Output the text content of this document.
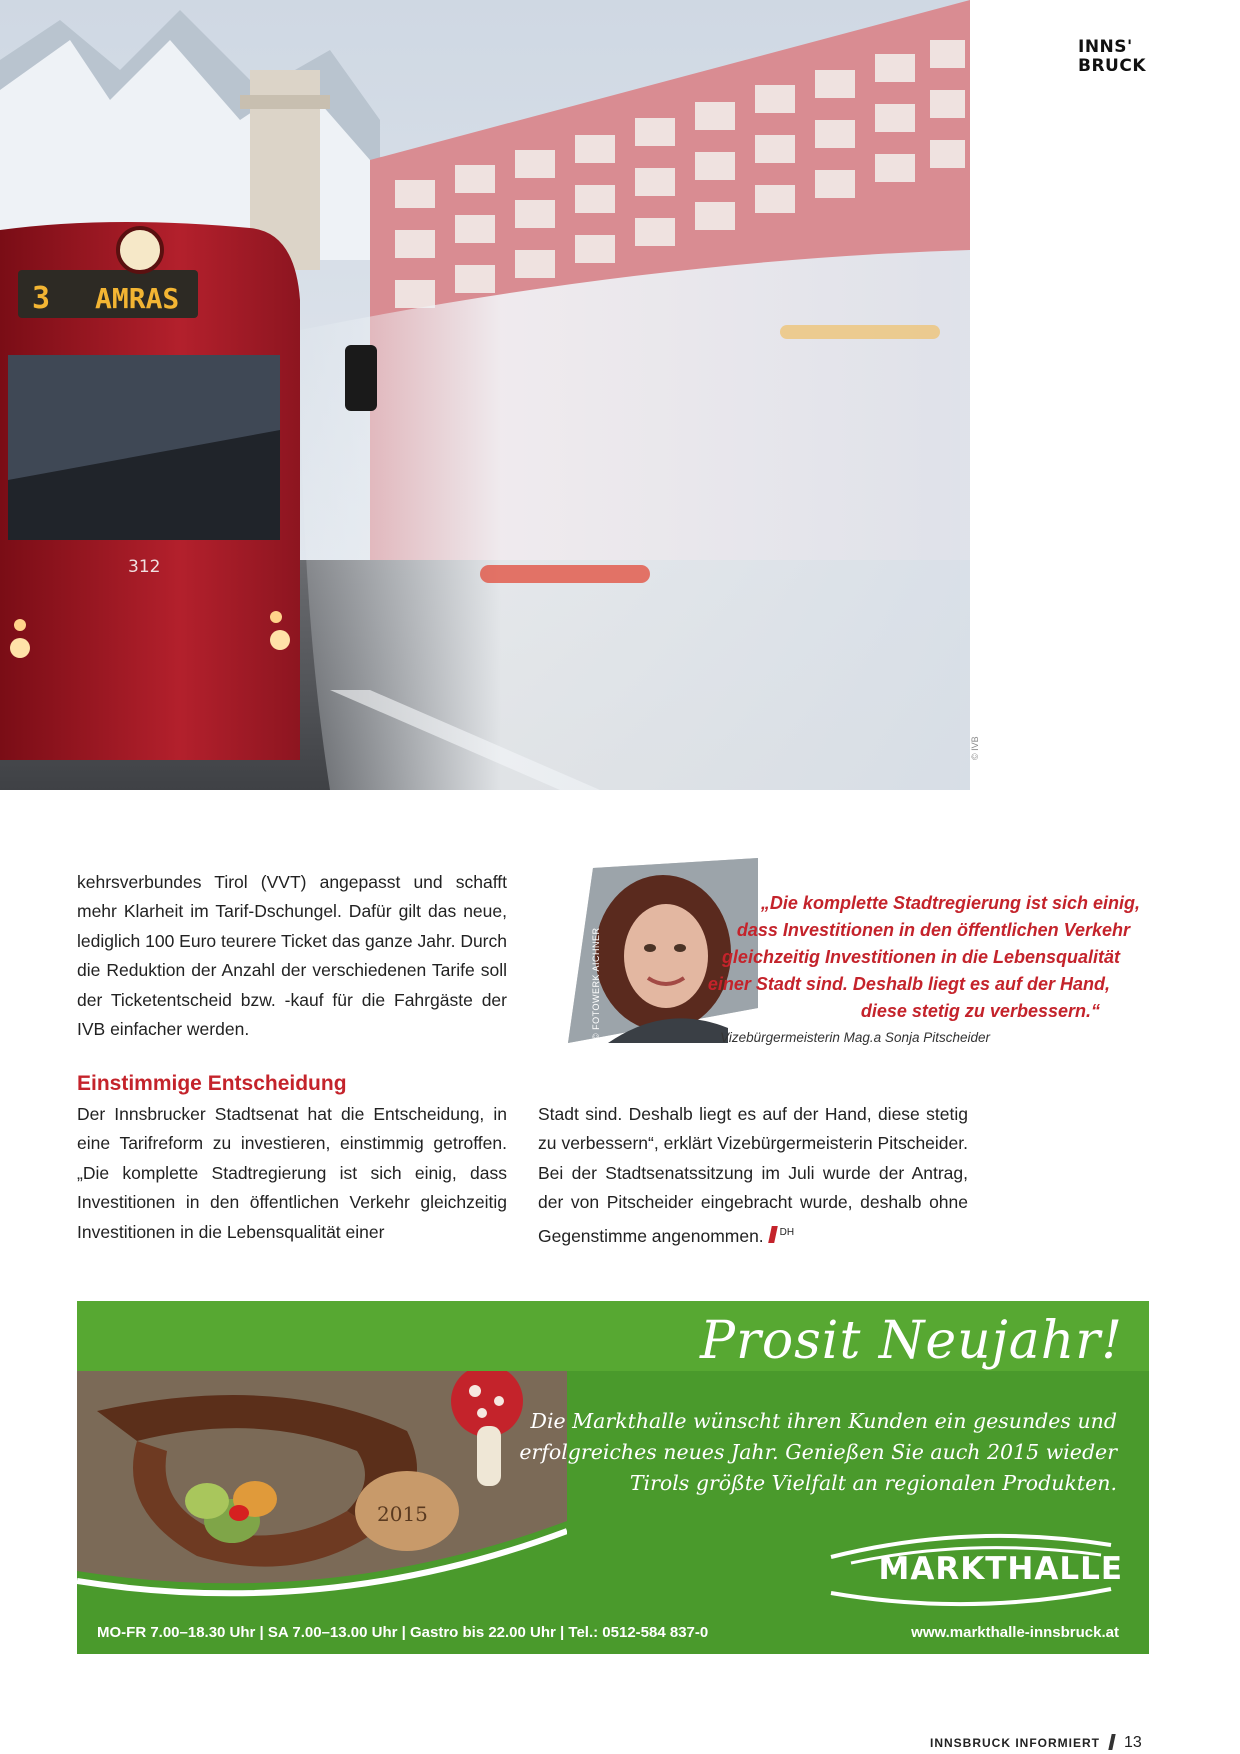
3 AMRAS
312
© IVB
INNS'
BRUCK

kehrsverbundes Tirol (VVT) angepasst und schafft mehr Klarheit im Tarif-Dschungel. Dafür gilt das neue, lediglich 100 Euro teurere Ticket das ganze Jahr. Durch die Reduktion der Anzahl der verschiedenen Tarife soll der Ticketentscheid bzw. -kauf für die Fahrgäste der IVB einfacher werden.

Einstimmige Entscheidung

Der Innsbrucker Stadtsenat hat die Entscheidung, in eine Tarifreform zu investieren, einstimmig getroffen. „Die komplette Stadtregierung ist sich einig, dass Investitionen in den öffentlichen Verkehr gleichzeitig Investitionen in die Lebensqualität einer

Stadt sind. Deshalb liegt es auf der Hand, diese stetig zu verbessern“, erklärt Vizebürgermeisterin Pitscheider. Bei der Stadtsenatssitzung im Juli wurde der Antrag, der von Pitscheider eingebracht wurde, deshalb ohne Gegenstimme angenommen. $^{DH}$

© FOTOWERK AICHNER
„Die komplette Stadtregierung ist sich einig,
dass Investitionen in den öffentlichen Verkehr
gleichzeitig Investitionen in die Lebensqualität
einer Stadt sind. Deshalb liegt es auf der Hand,
diese stetig zu verbessern.“
Vizebürgermeisterin Mag.a Sonja Pitscheider
Prosit Neujahr!
2015
Die Markthalle wünscht ihren Kunden ein gesundes und
erfolgreiches neues Jahr. Genießen Sie auch 2015 wieder
Tirols größte Vielfalt an regionalen Produkten.
MARKTHALLE
MO-FR 7.00–18.30 Uhr | SA 7.00–13.00 Uhr | Gastro bis 22.00 Uhr | Tel.: 0512-584 837-0	www.markthalle-innsbruck.at
INNSBRUCK INFORMIERT 13
